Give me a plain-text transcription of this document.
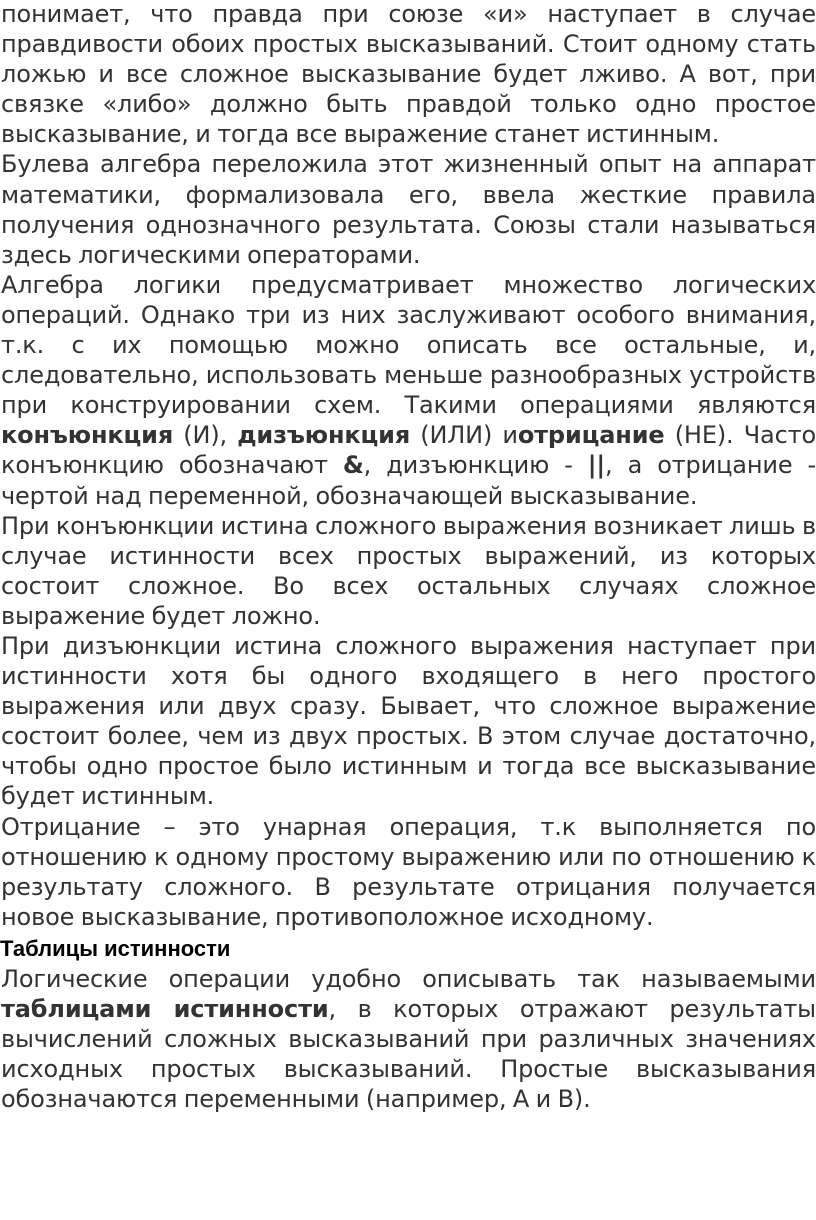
понимает, что правда при союзе «и» наступает в случае правдивости обоих простых высказываний. Стоит одному стать ложью и все сложное высказывание будет лживо. А вот, при связке «либо» должно быть правдой только одно простое высказывание, и тогда все выражение станет истинным.

Булева алгебра переложила этот жизненный опыт на аппарат математики, формализовала его, ввела жесткие правила получения однозначного результата. Союзы стали называться здесь логическими операторами.

Алгебра логики предусматривает множество логических операций. Однако три из них заслуживают особого внимания, т.к. с их помощью можно описать все остальные, и, следовательно, использовать меньше разнообразных устройств при конструировании схем. Такими операциями являются конъюнкция (И), дизъюнкция (ИЛИ) иотрицание (НЕ). Часто конъюнкцию обозначают &, дизъюнкцию - ||, а отрицание - чертой над переменной, обозначающей высказывание.

При конъюнкции истина сложного выражения возникает лишь в случае истинности всех простых выражений, из которых состоит сложное. Во всех остальных случаях сложное выражение будет ложно.

При дизъюнкции истина сложного выражения наступает при истинности хотя бы одного входящего в него простого выражения или двух сразу. Бывает, что сложное выражение состоит более, чем из двух простых. В этом случае достаточно, чтобы одно простое было истинным и тогда все высказывание будет истинным.

Отрицание – это унарная операция, т.к выполняется по отношению к одному простому выражению или по отношению к результату сложного. В результате отрицания получается новое высказывание, противоположное исходному.

Таблицы истинности

Логические операции удобно описывать так называемыми таблицами истинности, в которых отражают результаты вычислений сложных высказываний при различных значениях исходных простых высказываний. Простые высказывания обозначаются переменными (например, А и В).
